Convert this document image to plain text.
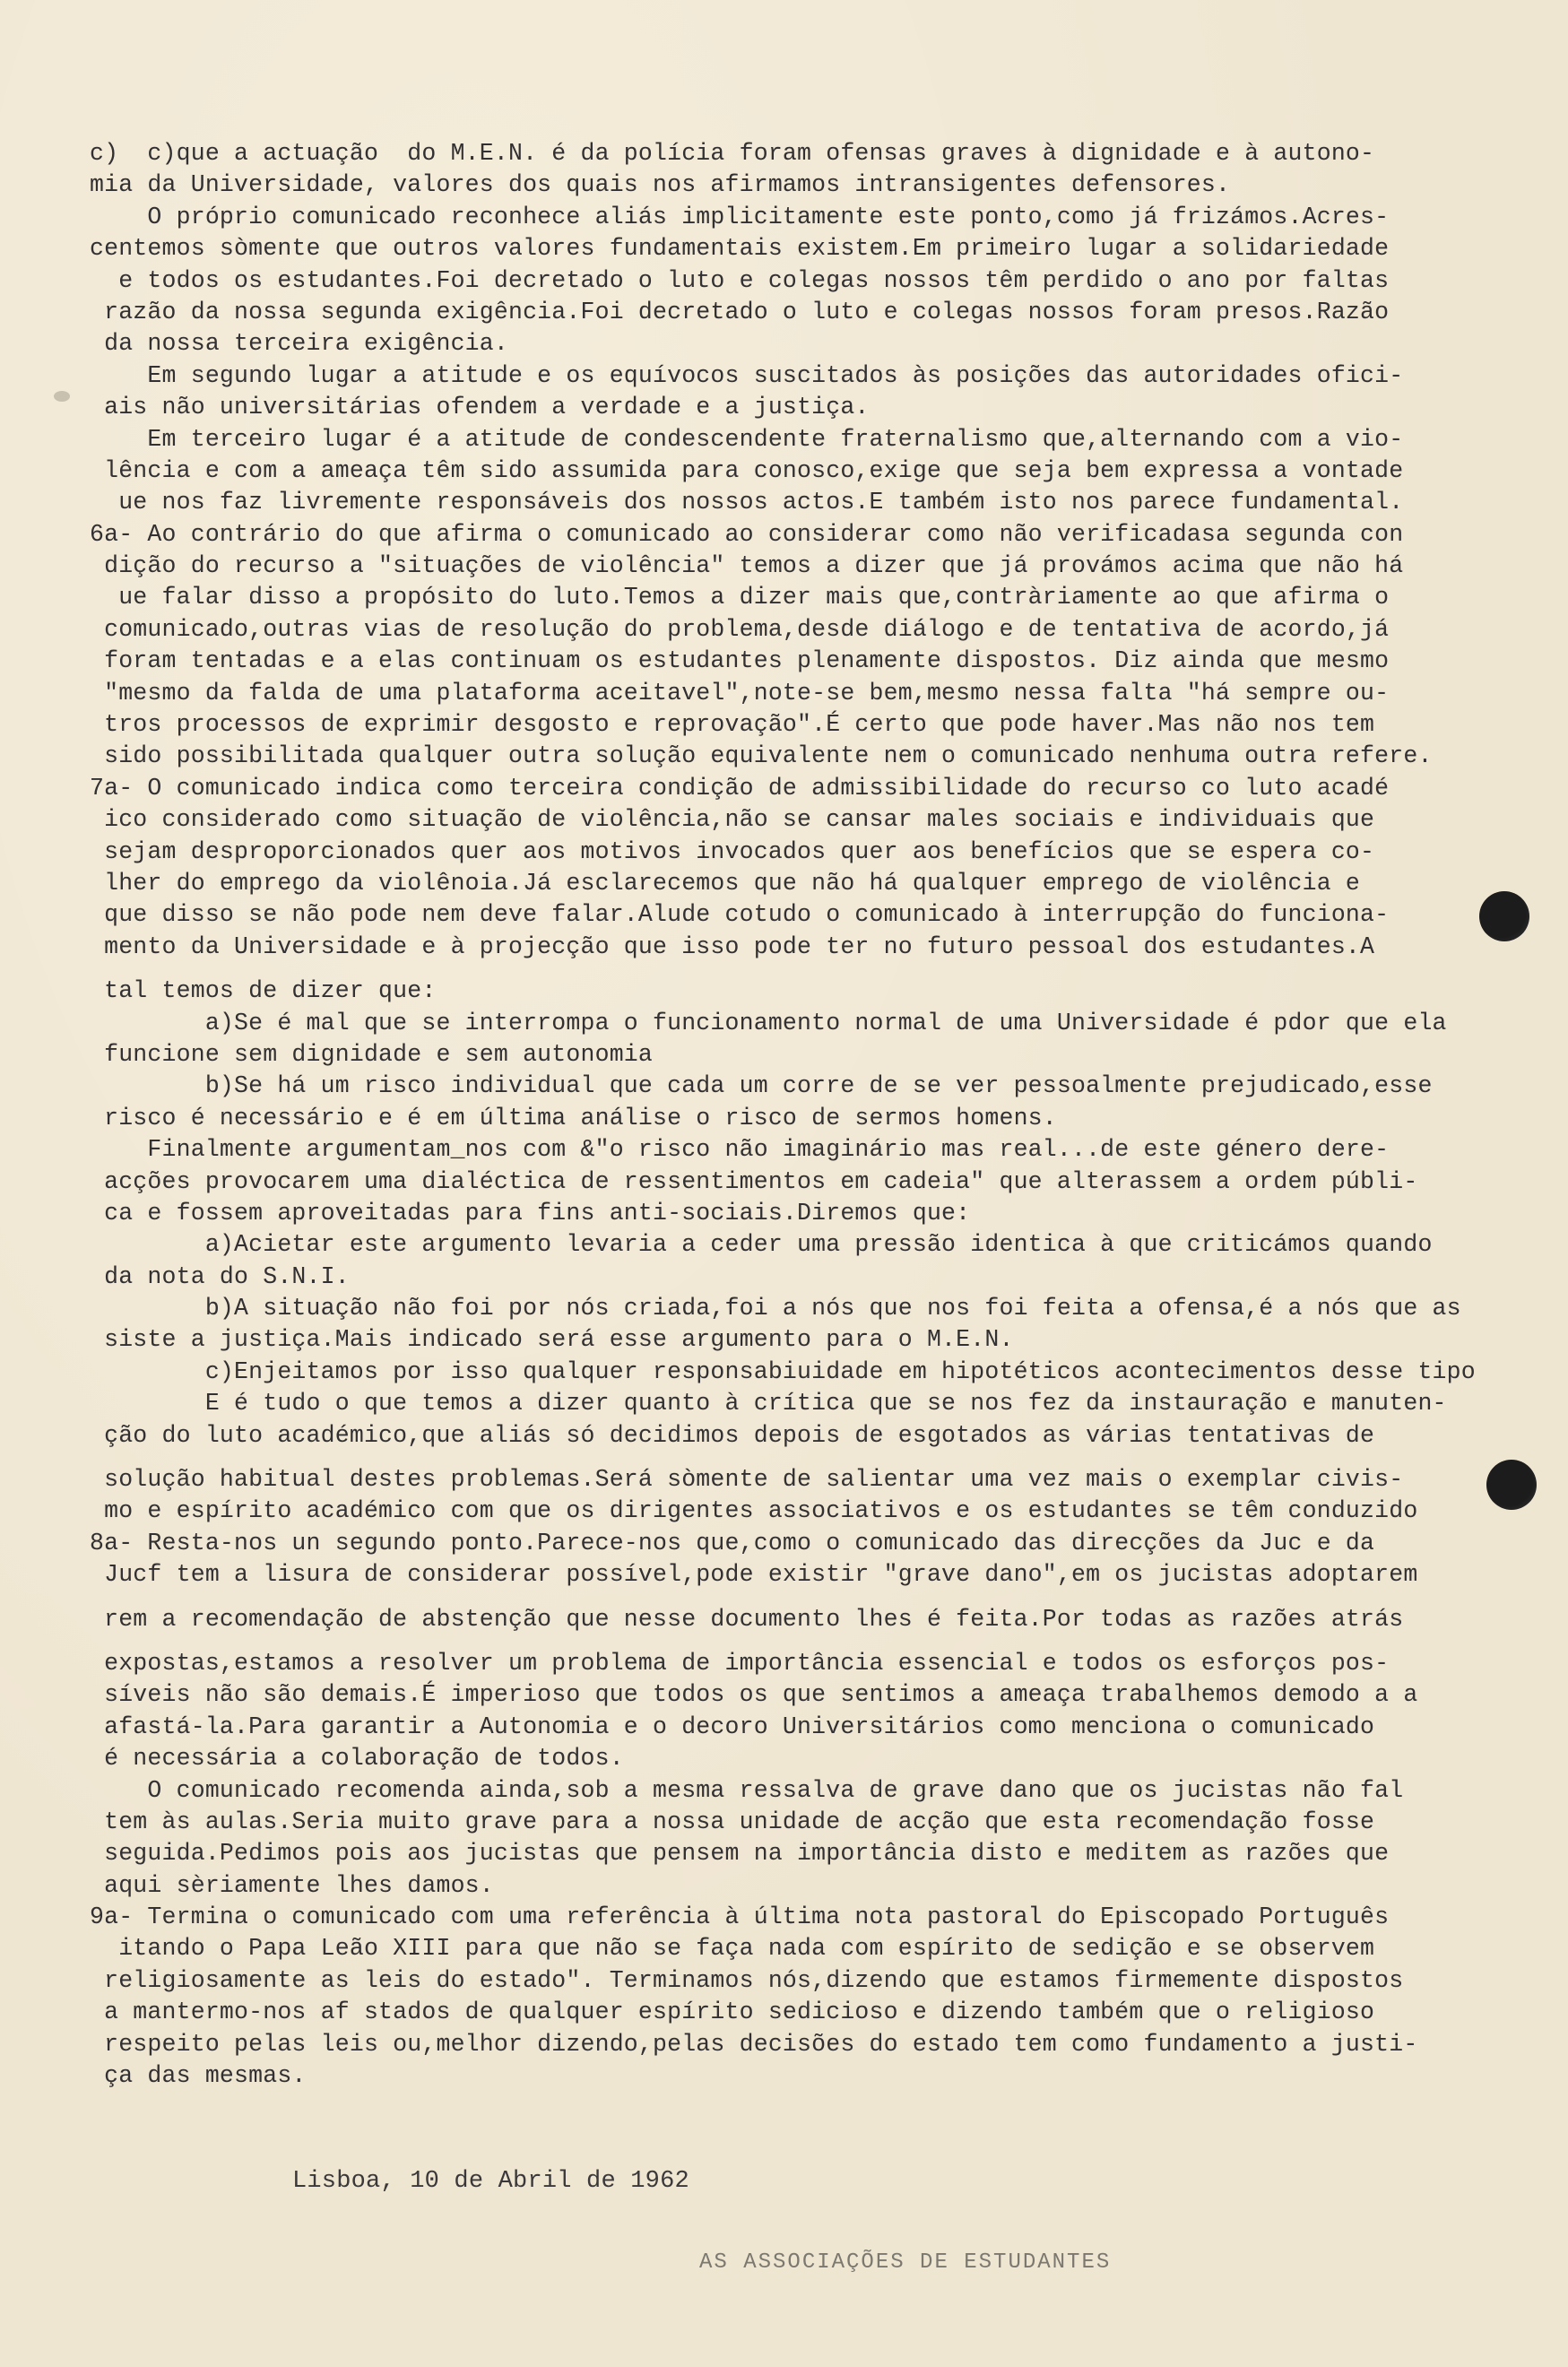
c)  c)que a actuação  do M.E.N. é da polícia foram ofensas graves à dignidade e à autono-
mia da Universidade, valores dos quais nos afirmamos intransigentes defensores.
O próprio comunicado reconhece aliás implicitamente este ponto,como já frizámos.Acres-
centemos sòmente que outros valores fundamentais existem.Em primeiro lugar a solidariedade
e todos os estudantes.Foi decretado o luto e colegas nossos têm perdido o ano por faltas
razão da nossa segunda exigência.Foi decretado o luto e colegas nossos foram presos.Razão
da nossa terceira exigência.
Em segundo lugar a atitude e os equívocos suscitados às posições das autoridades ofici-
ais não universitárias ofendem a verdade e a justiça.
Em terceiro lugar é a atitude de condescendente fraternalismo que,alternando com a vio-
lência e com a ameaça têm sido assumida para conosco,exige que seja bem expressa a vontade
ue nos faz livremente responsáveis dos nossos actos.E também isto nos parece fundamental.
6a- Ao contrário do que afirma o comunicado ao considerar como não verificadasa segunda con
dição do recurso a "situações de violência" temos a dizer que já provámos acima que não há
ue falar disso a propósito do luto.Temos a dizer mais que,contràriamente ao que afirma o
comunicado,outras vias de resolução do problema,desde diálogo e de tentativa de acordo,já
foram tentadas e a elas continuam os estudantes plenamente dispostos. Diz ainda que mesmo
"mesmo da falda de uma plataforma aceitavel",note-se bem,mesmo nessa falta "há sempre ou-
tros processos de exprimir desgosto e reprovação".É certo que pode haver.Mas não nos tem
sido possibilitada qualquer outra solução equivalente nem o comunicado nenhuma outra refere.
7a- O comunicado indica como terceira condição de admissibilidade do recurso co luto acadé
ico considerado como situação de violência,não se cansar males sociais e individuais que
sejam desproporcionados quer aos motivos invocados quer aos benefícios que se espera co-
lher do emprego da violênoia.Já esclarecemos que não há qualquer emprego de violência e
que disso se não pode nem deve falar.Alude cotudo o comunicado à interrupção do funciona-
mento da Universidade e à projecção que isso pode ter no futuro pessoal dos estudantes.A
tal temos de dizer que:
a)Se é mal que se interrompa o funcionamento normal de uma Universidade é pdor que ela
funcione sem dignidade e sem autonomia
b)Se há um risco individual que cada um corre de se ver pessoalmente prejudicado,esse
risco é necessário e é em última análise o risco de sermos homens.
Finalmente argumentam_nos com &"o risco não imaginário mas real...de este género dere-
acções provocarem uma dialéctica de ressentimentos em cadeia" que alterassem a ordem públi-
ca e fossem aproveitadas para fins anti-sociais.Diremos que:
a)Acietar este argumento levaria a ceder uma pressão identica à que criticámos quando
da nota do S.N.I.
b)A situação não foi por nós criada,foi a nós que nos foi feita a ofensa,é a nós que as
siste a justiça.Mais indicado será esse argumento para o M.E.N.
c)Enjeitamos por isso qualquer responsabiuidade em hipotéticos acontecimentos desse tipo
E é tudo o que temos a dizer quanto à crítica que se nos fez da instauração e manuten-
ção do luto académico,que aliás só decidimos depois de esgotados as várias tentativas de
solução habitual destes problemas.Será sòmente de salientar uma vez mais o exemplar civis-
mo e espírito académico com que os dirigentes associativos e os estudantes se têm conduzido
8a- Resta-nos un segundo ponto.Parece-nos que,como o comunicado das direcções da Juc e da
Jucf tem a lisura de considerar possível,pode existir "grave dano",em os jucistas adoptarem
rem a recomendação de abstenção que nesse documento lhes é feita.Por todas as razões atrás
expostas,estamos a resolver um problema de importância essencial e todos os esforços pos-
síveis não são demais.É imperioso que todos os que sentimos a ameaça trabalhemos demodo a a
afastá-la.Para garantir a Autonomia e o decoro Universitários como menciona o comunicado
é necessária a colaboração de todos.
O comunicado recomenda ainda,sob a mesma ressalva de grave dano que os jucistas não fal
tem às aulas.Seria muito grave para a nossa unidade de acção que esta recomendação fosse
seguida.Pedimos pois aos jucistas que pensem na importância disto e meditem as razões que
aqui sèriamente lhes damos.
9a- Termina o comunicado com uma referência à última nota pastoral do Episcopado Português
itando o Papa Leão XIII para que não se faça nada com espírito de sedição e se observem
religiosamente as leis do estado". Terminamos nós,dizendo que estamos firmemente dispostos
a mantermo-nos af stados de qualquer espírito sedicioso e dizendo também que o religioso
respeito pelas leis ou,melhor dizendo,pelas decisões do estado tem como fundamento a justi-
ça das mesmas.
Lisboa, 10 de Abril de 1962
AS ASSOCIAÇÕES DE ESTUDANTES
